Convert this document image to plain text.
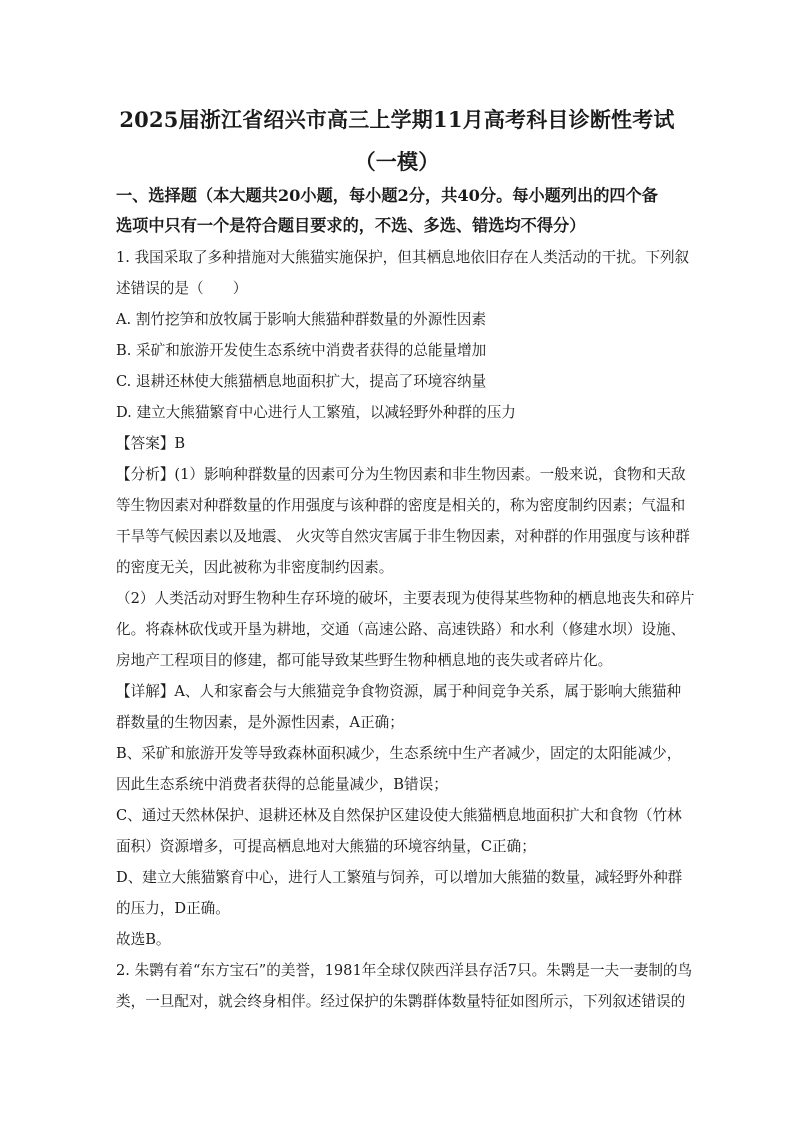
2025届浙江省绍兴市高三上学期11月高考科目诊断性考试
（一模）
一、选择题（本大题共20小题，每小题2分，共40分。每小题列出的四个备
选项中只有一个是符合题目要求的，不选、多选、错选均不得分）
1. 我国采取了多种措施对大熊猫实施保护，但其栖息地依旧存在人类活动的干扰。下列叙
述错误的是（　　）
A. 割竹挖笋和放牧属于影响大熊猫种群数量的外源性因素
B. 采矿和旅游开发使生态系统中消费者获得的总能量增加
C. 退耕还林使大熊猫栖息地面积扩大，提高了环境容纳量
D. 建立大熊猫繁育中心进行人工繁殖，以减轻野外种群的压力
【答案】B
【分析】(1）影响种群数量的因素可分为生物因素和非生物因素。一般来说，食物和天敌
等生物因素对种群数量的作用强度与该种群的密度是相关的，称为密度制约因素；气温和
干旱等气候因素以及地震、 火灾等自然灾害属于非生物因素，对种群的作用强度与该种群
的密度无关，因此被称为非密度制约因素。
（2）人类活动对野生物种生存环境的破坏，主要表现为使得某些物种的栖息地丧失和碎片
化。将森林砍伐或开垦为耕地，交通（高速公路、高速铁路）和水利（修建水坝）设施、
房地产工程项目的修建，都可能导致某些野生物种栖息地的丧失或者碎片化。
【详解】A、人和家畜会与大熊猫竞争食物资源，属于种间竞争关系，属于影响大熊猫种
群数量的生物因素，是外源性因素，A正确；
B、采矿和旅游开发等导致森林面积减少，生态系统中生产者减少，固定的太阳能减少，
因此生态系统中消费者获得的总能量减少，B错误；
C、通过天然林保护、退耕还林及自然保护区建设使大熊猫栖息地面积扩大和食物（竹林
面积）资源增多，可提高栖息地对大熊猫的环境容纳量，C正确；
D、建立大熊猫繁育中心，进行人工繁殖与饲养，可以增加大熊猫的数量，减轻野外种群
的压力，D正确。
故选B。
2. 朱鹮有着“东方宝石”的美誉，1981年全球仅陕西洋县存活7只。朱鹮是一夫一妻制的鸟
类，一旦配对，就会终身相伴。经过保护的朱鹮群体数量特征如图所示，下列叙述错误的
